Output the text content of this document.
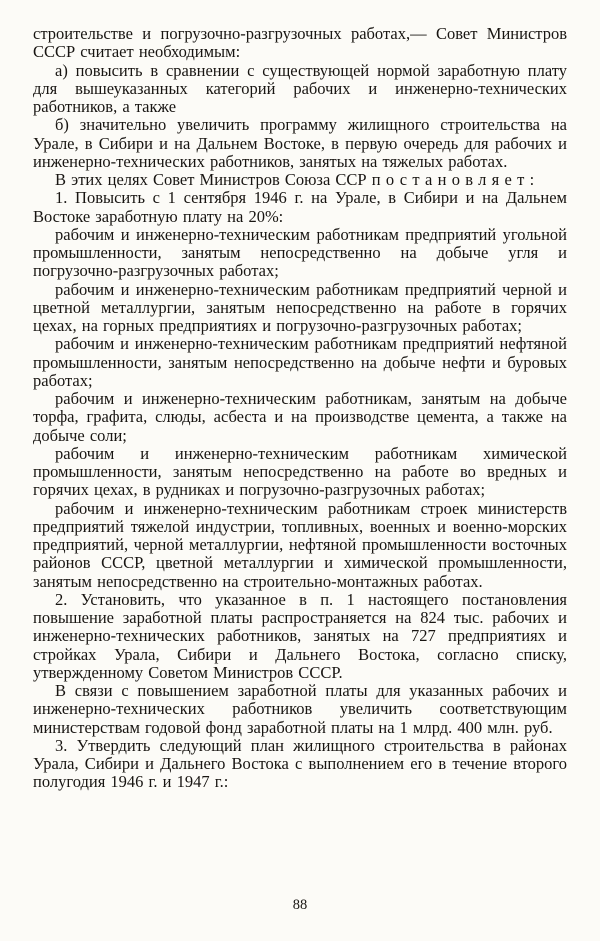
строительстве и погрузочно-разгрузочных работах,— Совет Министров СССР считает необходимым:

а) повысить в сравнении с существующей нормой заработную плату для вышеуказанных категорий рабочих и инженерно-технических работников, а также

б) значительно увеличить программу жилищного строительства на Урале, в Сибири и на Дальнем Востоке, в первую очередь для рабочих и инженерно-технических работников, занятых на тяжелых работах.

В этих целях Совет Министров Союза ССР постановляет:

1. Повысить с 1 сентября 1946 г. на Урале, в Сибири и на Дальнем Востоке заработную плату на 20%:

рабочим и инженерно-техническим работникам предприятий угольной промышленности, занятым непосредственно на добыче угля и погрузочно-разгрузочных работах;

рабочим и инженерно-техническим работникам предприятий черной и цветной металлургии, занятым непосредственно на работе в горячих цехах, на горных предприятиях и погрузочно-разгрузочных работах;

рабочим и инженерно-техническим работникам предприятий нефтяной промышленности, занятым непосредственно на добыче нефти и буровых работах;

рабочим и инженерно-техническим работникам, занятым на добыче торфа, графита, слюды, асбеста и на производстве цемента, а также на добыче соли;

рабочим и инженерно-техническим работникам химической промышленности, занятым непосредственно на работе во вредных и горячих цехах, в рудниках и погрузочно-разгрузочных работах;

рабочим и инженерно-техническим работникам строек министерств предприятий тяжелой индустрии, топливных, военных и военно-морских предприятий, черной металлургии, нефтяной промышленности восточных районов СССР, цветной металлургии и химической промышленности, занятым непосредственно на строительно-монтажных работах.

2. Установить, что указанное в п. 1 настоящего постановления повышение заработной платы распространяется на 824 тыс. рабочих и инженерно-технических работников, занятых на 727 предприятиях и стройках Урала, Сибири и Дальнего Востока, согласно списку, утвержденному Советом Министров СССР.

В связи с повышением заработной платы для указанных рабочих и инженерно-технических работников увеличить соответствующим министерствам годовой фонд заработной платы на 1 млрд. 400 млн. руб.

3. Утвердить следующий план жилищного строительства в районах Урала, Сибири и Дальнего Востока с выполнением его в течение второго полугодия 1946 г. и 1947 г.:

88
